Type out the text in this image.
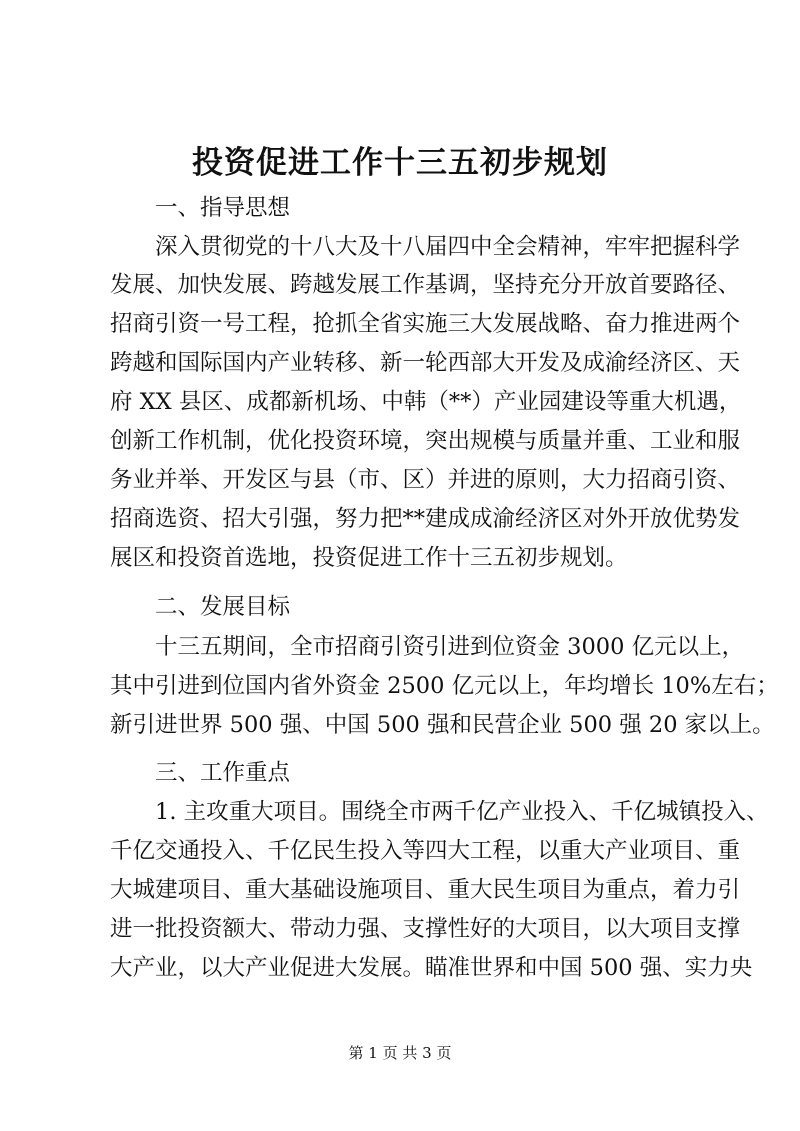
投资促进工作十三五初步规划
一、指导思想
深入贯彻党的十八大及十八届四中全会精神，牢牢把握科学
发展、加快发展、跨越发展工作基调，坚持充分开放首要路径、
招商引资一号工程，抢抓全省实施三大发展战略、奋力推进两个
跨越和国际国内产业转移、新一轮西部大开发及成渝经济区、天
府 XX 县区、成都新机场、中韩（**）产业园建设等重大机遇，
创新工作机制，优化投资环境，突出规模与质量并重、工业和服
务业并举、开发区与县（市、区）并进的原则，大力招商引资、
招商选资、招大引强，努力把**建成成渝经济区对外开放优势发
展区和投资首选地，投资促进工作十三五初步规划。
二、发展目标
十三五期间，全市招商引资引进到位资金 3000 亿元以上，
其中引进到位国内省外资金 2500 亿元以上，年均增长 10%左右；
新引进世界 500 强、中国 500 强和民营企业 500 强 20 家以上。
三、工作重点
1. 主攻重大项目。围绕全市两千亿产业投入、千亿城镇投入、
千亿交通投入、千亿民生投入等四大工程，以重大产业项目、重
大城建项目、重大基础设施项目、重大民生项目为重点，着力引
进一批投资额大、带动力强、支撑性好的大项目，以大项目支撑
大产业，以大产业促进大发展。瞄准世界和中国 500 强、实力央
第 1 页 共 3 页
